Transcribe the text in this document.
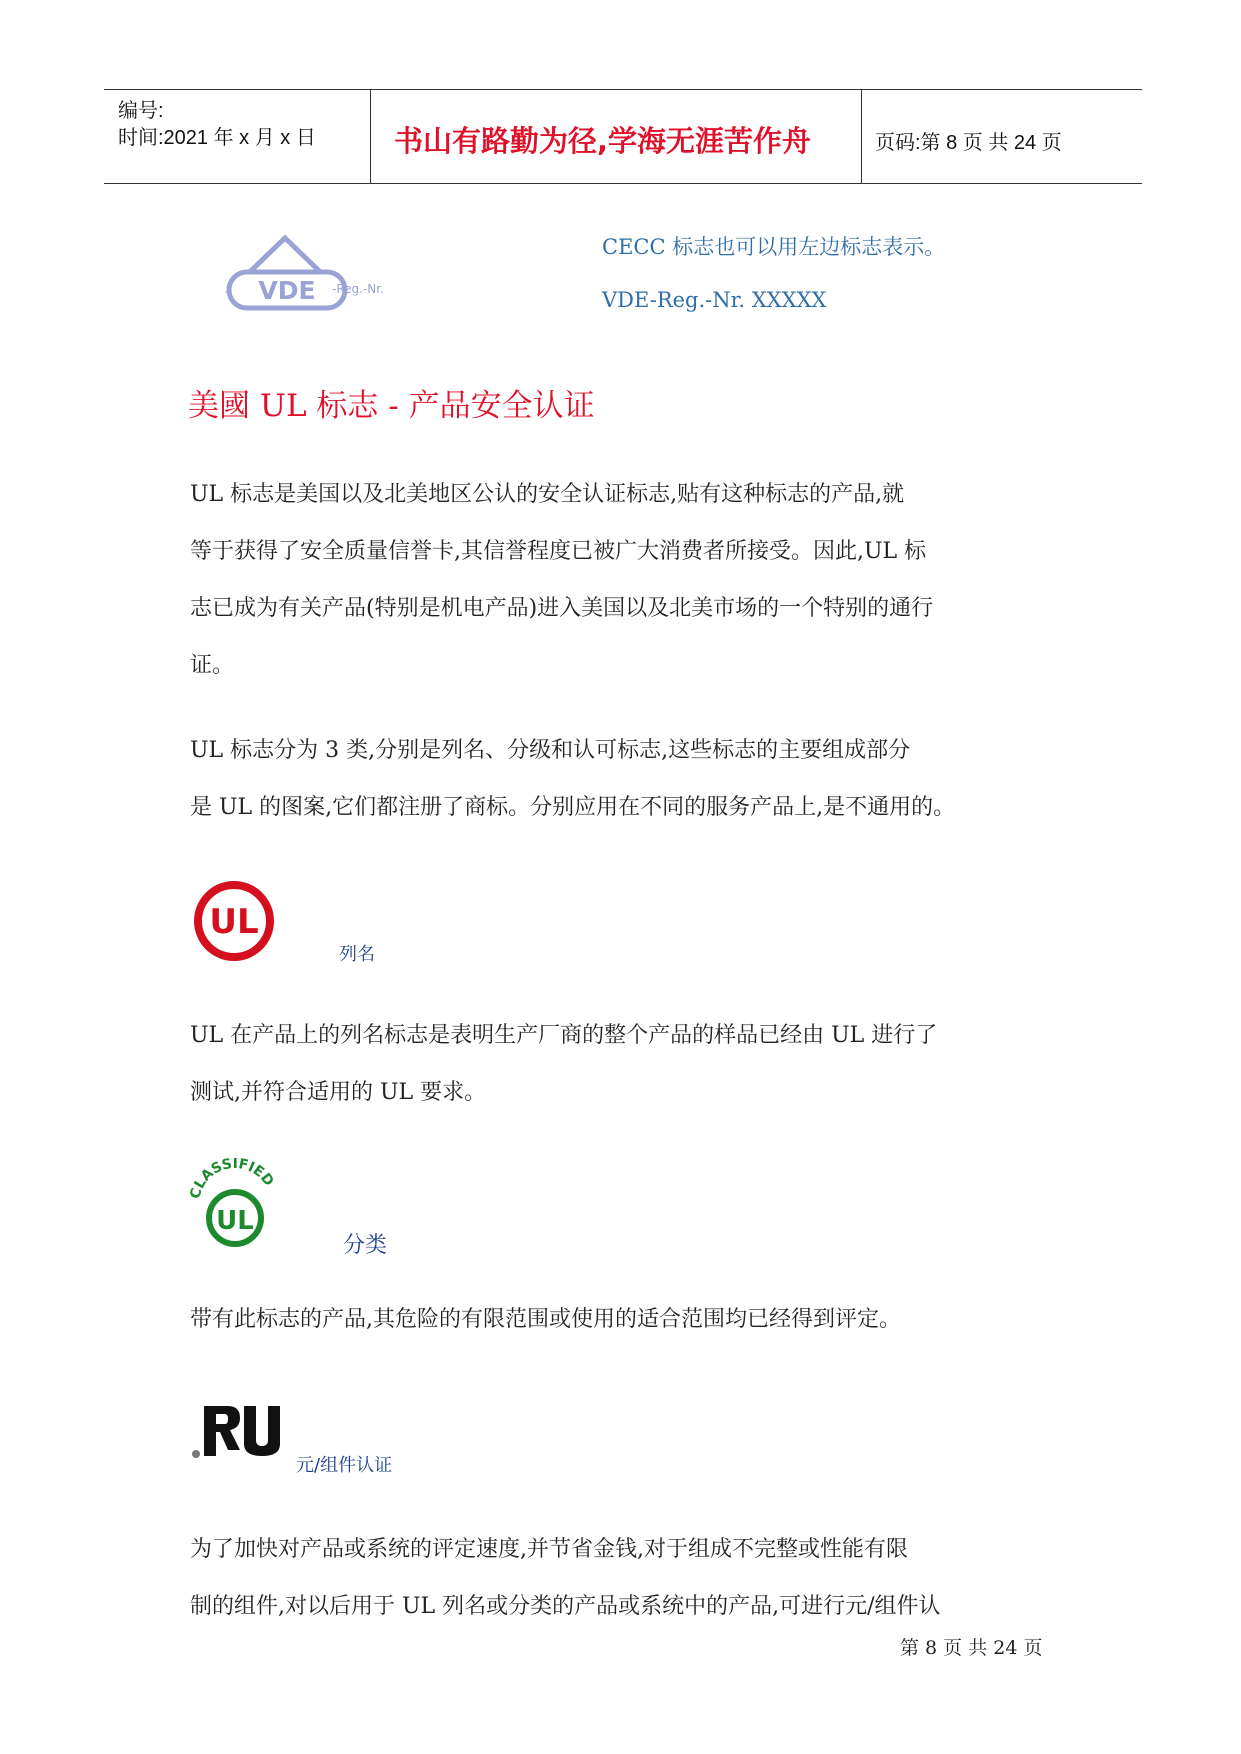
编号:
时间:2021 年 x 月 x 日	书山有路勤为径,学海无涯苦作舟	页码:第 8 页 共 24 页
VDE -Reg.-Nr.
CECC 标志也可以用左边标志表示。
VDE-Reg.-Nr. XXXXX
美國 UL 标志 - 产品安全认证
UL 标志是美国以及北美地区公认的安全认证标志,贴有这种标志的产品,就
等于获得了安全质量信誉卡,其信誉程度已被广大消费者所接受。因此,UL 标
志已成为有关产品(特别是机电产品)进入美国以及北美市场的一个特别的通行
证。
UL 标志分为 3 类,分别是列名、分级和认可标志,这些标志的主要组成部分
是 UL 的图案,它们都注册了商标。分别应用在不同的服务产品上,是不通用的。
UL
列名
UL 在产品上的列名标志是表明生产厂商的整个产品的样品已经由 UL 进行了
测试,并符合适用的 UL 要求。
CLASSIFIED
UL
分类
带有此标志的产品,其危险的有限范围或使用的适合范围均已经得到评定。
元/组件认证
为了加快对产品或系统的评定速度,并节省金钱,对于组成不完整或性能有限
制的组件,对以后用于 UL 列名或分类的产品或系统中的产品,可进行元/组件认
第 8 页 共 24 页
